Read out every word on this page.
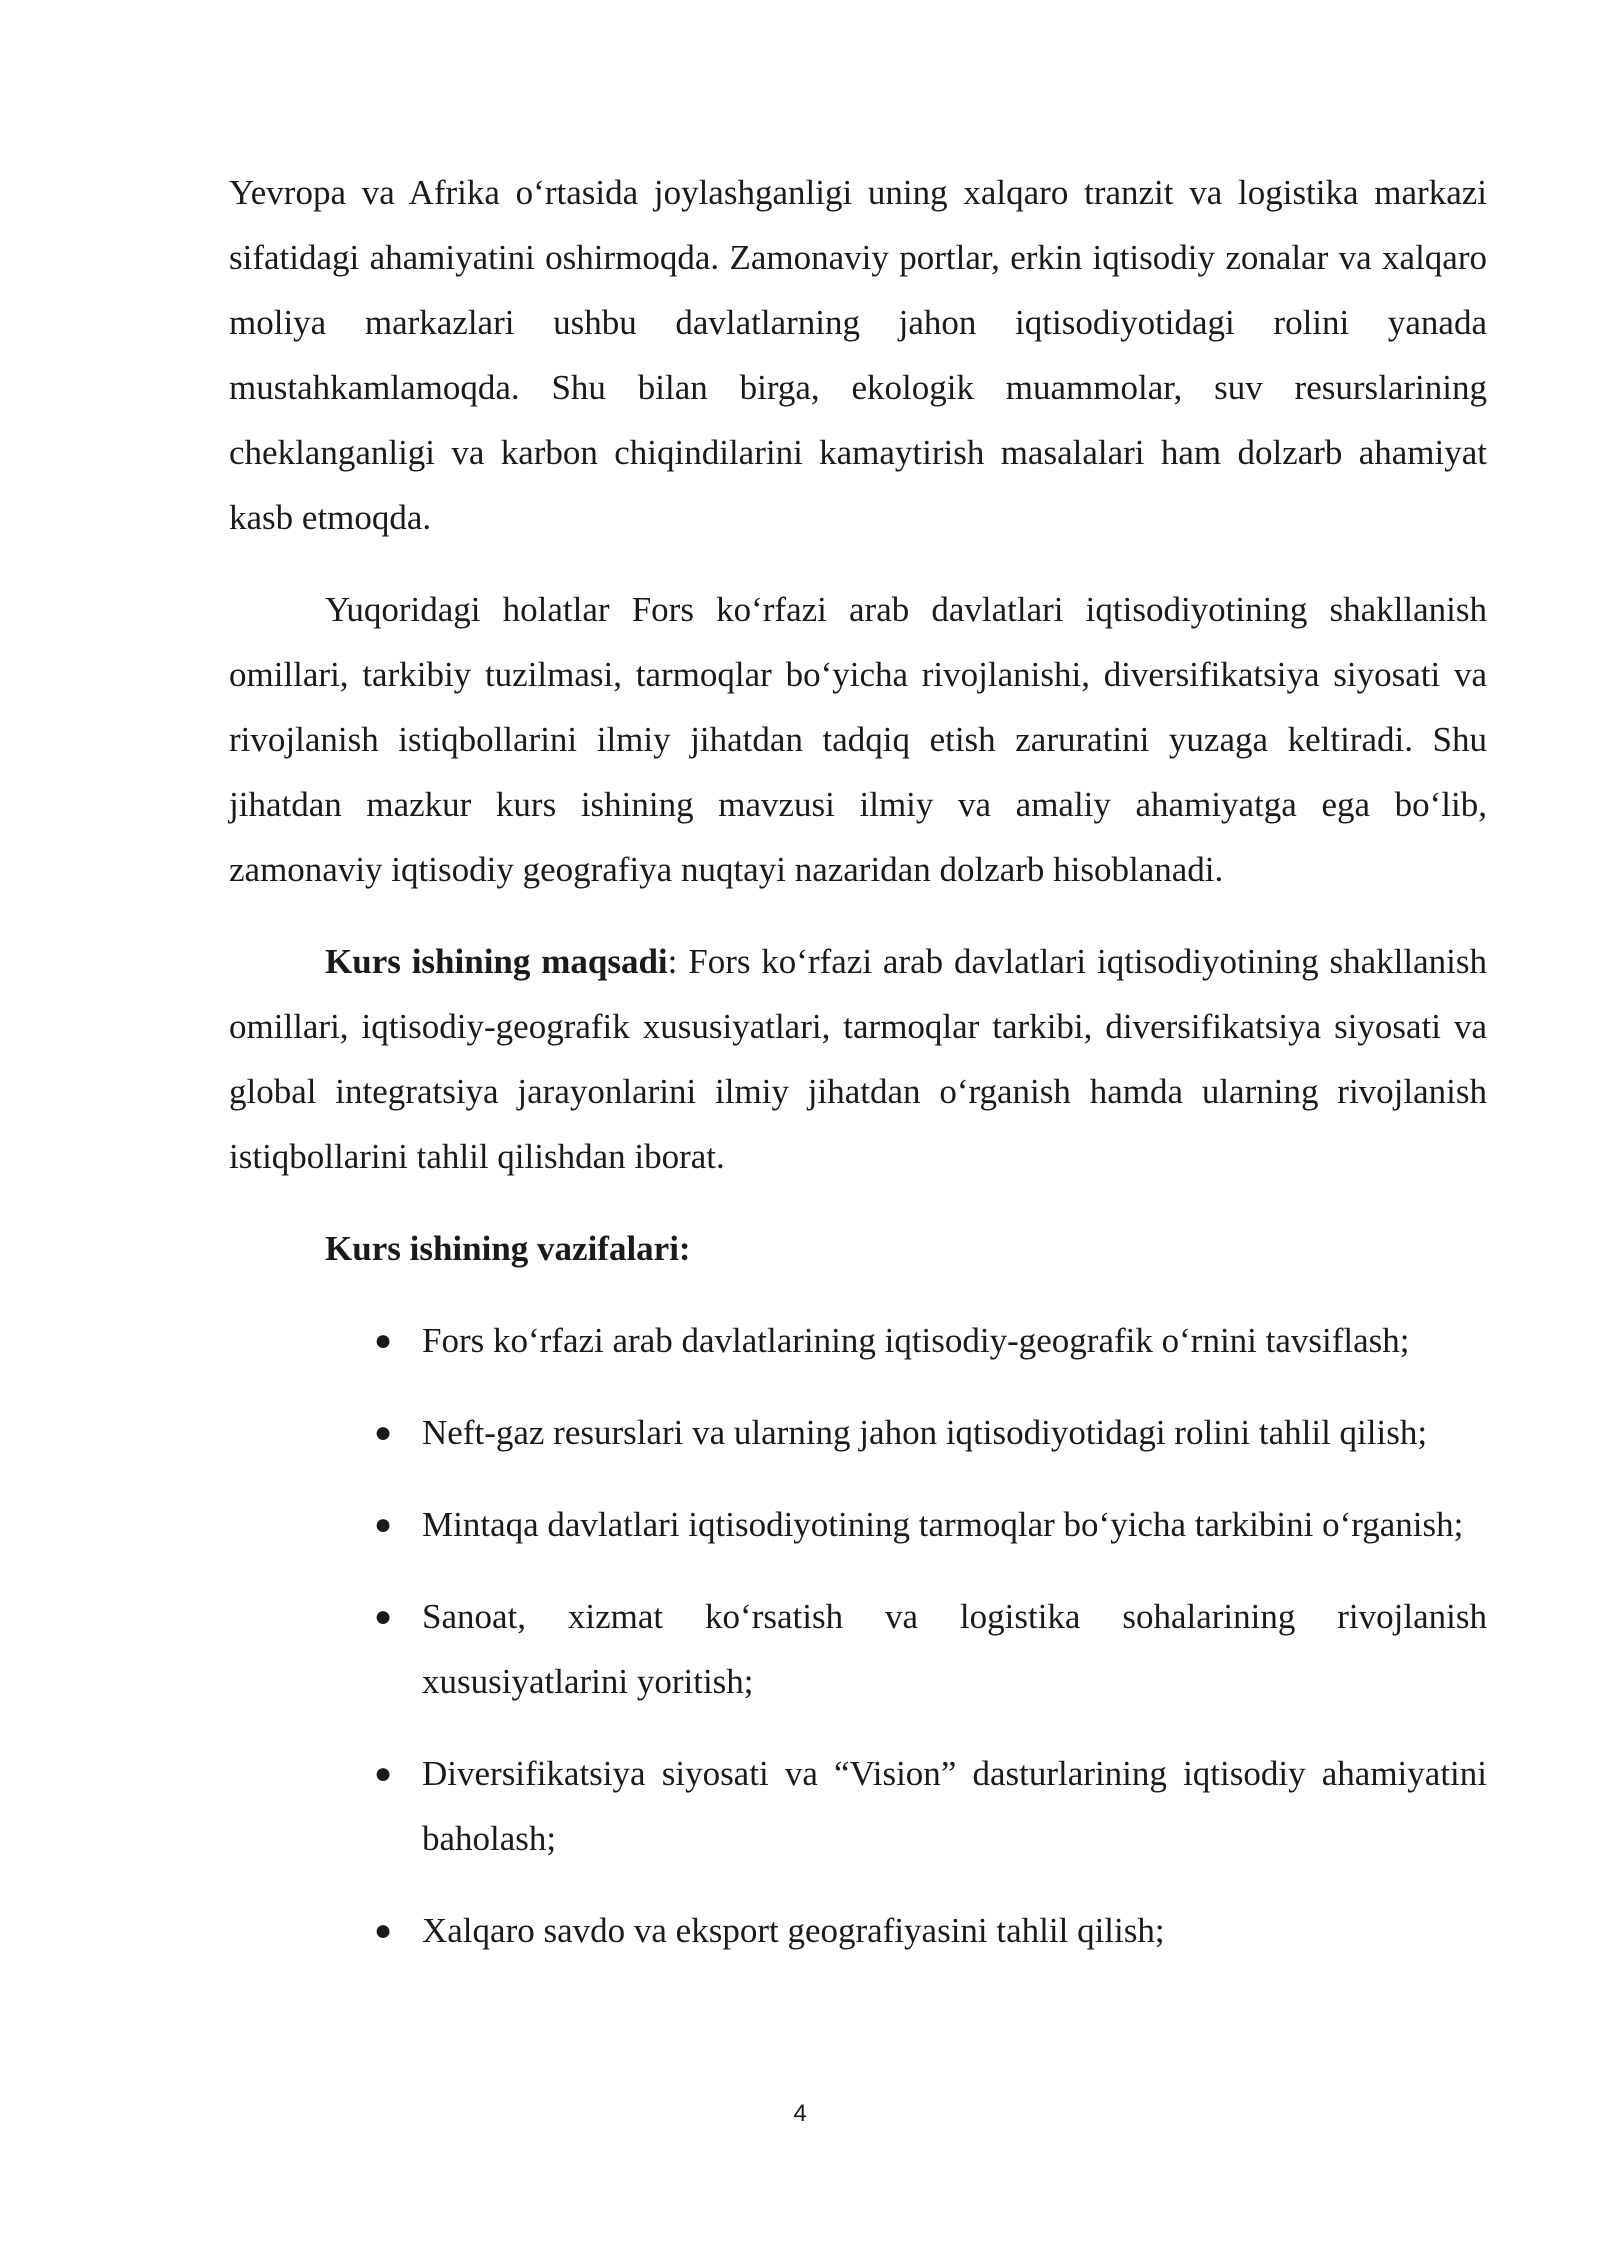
Yevropa va Afrika o‘rtasida joylashganligi uning xalqaro tranzit va logistika markazi sifatidagi ahamiyatini oshirmoqda. Zamonaviy portlar, erkin iqtisodiy zonalar va xalqaro moliya markazlari ushbu davlatlarning jahon iqtisodiyotidagi rolini yanada mustahkamlamoqda. Shu bilan birga, ekologik muammolar, suv resurslarining cheklanganligi va karbon chiqindilarini kamaytirish masalalari ham dolzarb ahamiyat kasb etmoqda.

Yuqoridagi holatlar Fors ko‘rfazi arab davlatlari iqtisodiyotining shakllanish omillari, tarkibiy tuzilmasi, tarmoqlar bo‘yicha rivojlanishi, diversifikatsiya siyosati va rivojlanish istiqbollarini ilmiy jihatdan tadqiq etish zaruratini yuzaga keltiradi. Shu jihatdan mazkur kurs ishining mavzusi ilmiy va amaliy ahamiyatga ega bo‘lib, zamonaviy iqtisodiy geografiya nuqtayi nazaridan dolzarb hisoblanadi.

Kurs ishining maqsadi: Fors ko‘rfazi arab davlatlari iqtisodiyotining shakllanish omillari, iqtisodiy-geografik xususiyatlari, tarmoqlar tarkibi, diversifikatsiya siyosati va global integratsiya jarayonlarini ilmiy jihatdan o‘rganish hamda ularning rivojlanish istiqbollarini tahlil qilishdan iborat.

Kurs ishining vazifalari:
● Fors ko‘rfazi arab davlatlarining iqtisodiy-geografik o‘rnini tavsiflash;
● Neft-gaz resurslari va ularning jahon iqtisodiyotidagi rolini tahlil qilish;
● Mintaqa davlatlari iqtisodiyotining tarmoqlar bo‘yicha tarkibini o‘rganish;
● Sanoat, xizmat ko‘rsatish va logistika sohalarining rivojlanish xususiyatlarini yoritish;
● Diversifikatsiya siyosati va “Vision” dasturlarining iqtisodiy ahamiyatini baholash;
● Xalqaro savdo va eksport geografiyasini tahlil qilish;
4
